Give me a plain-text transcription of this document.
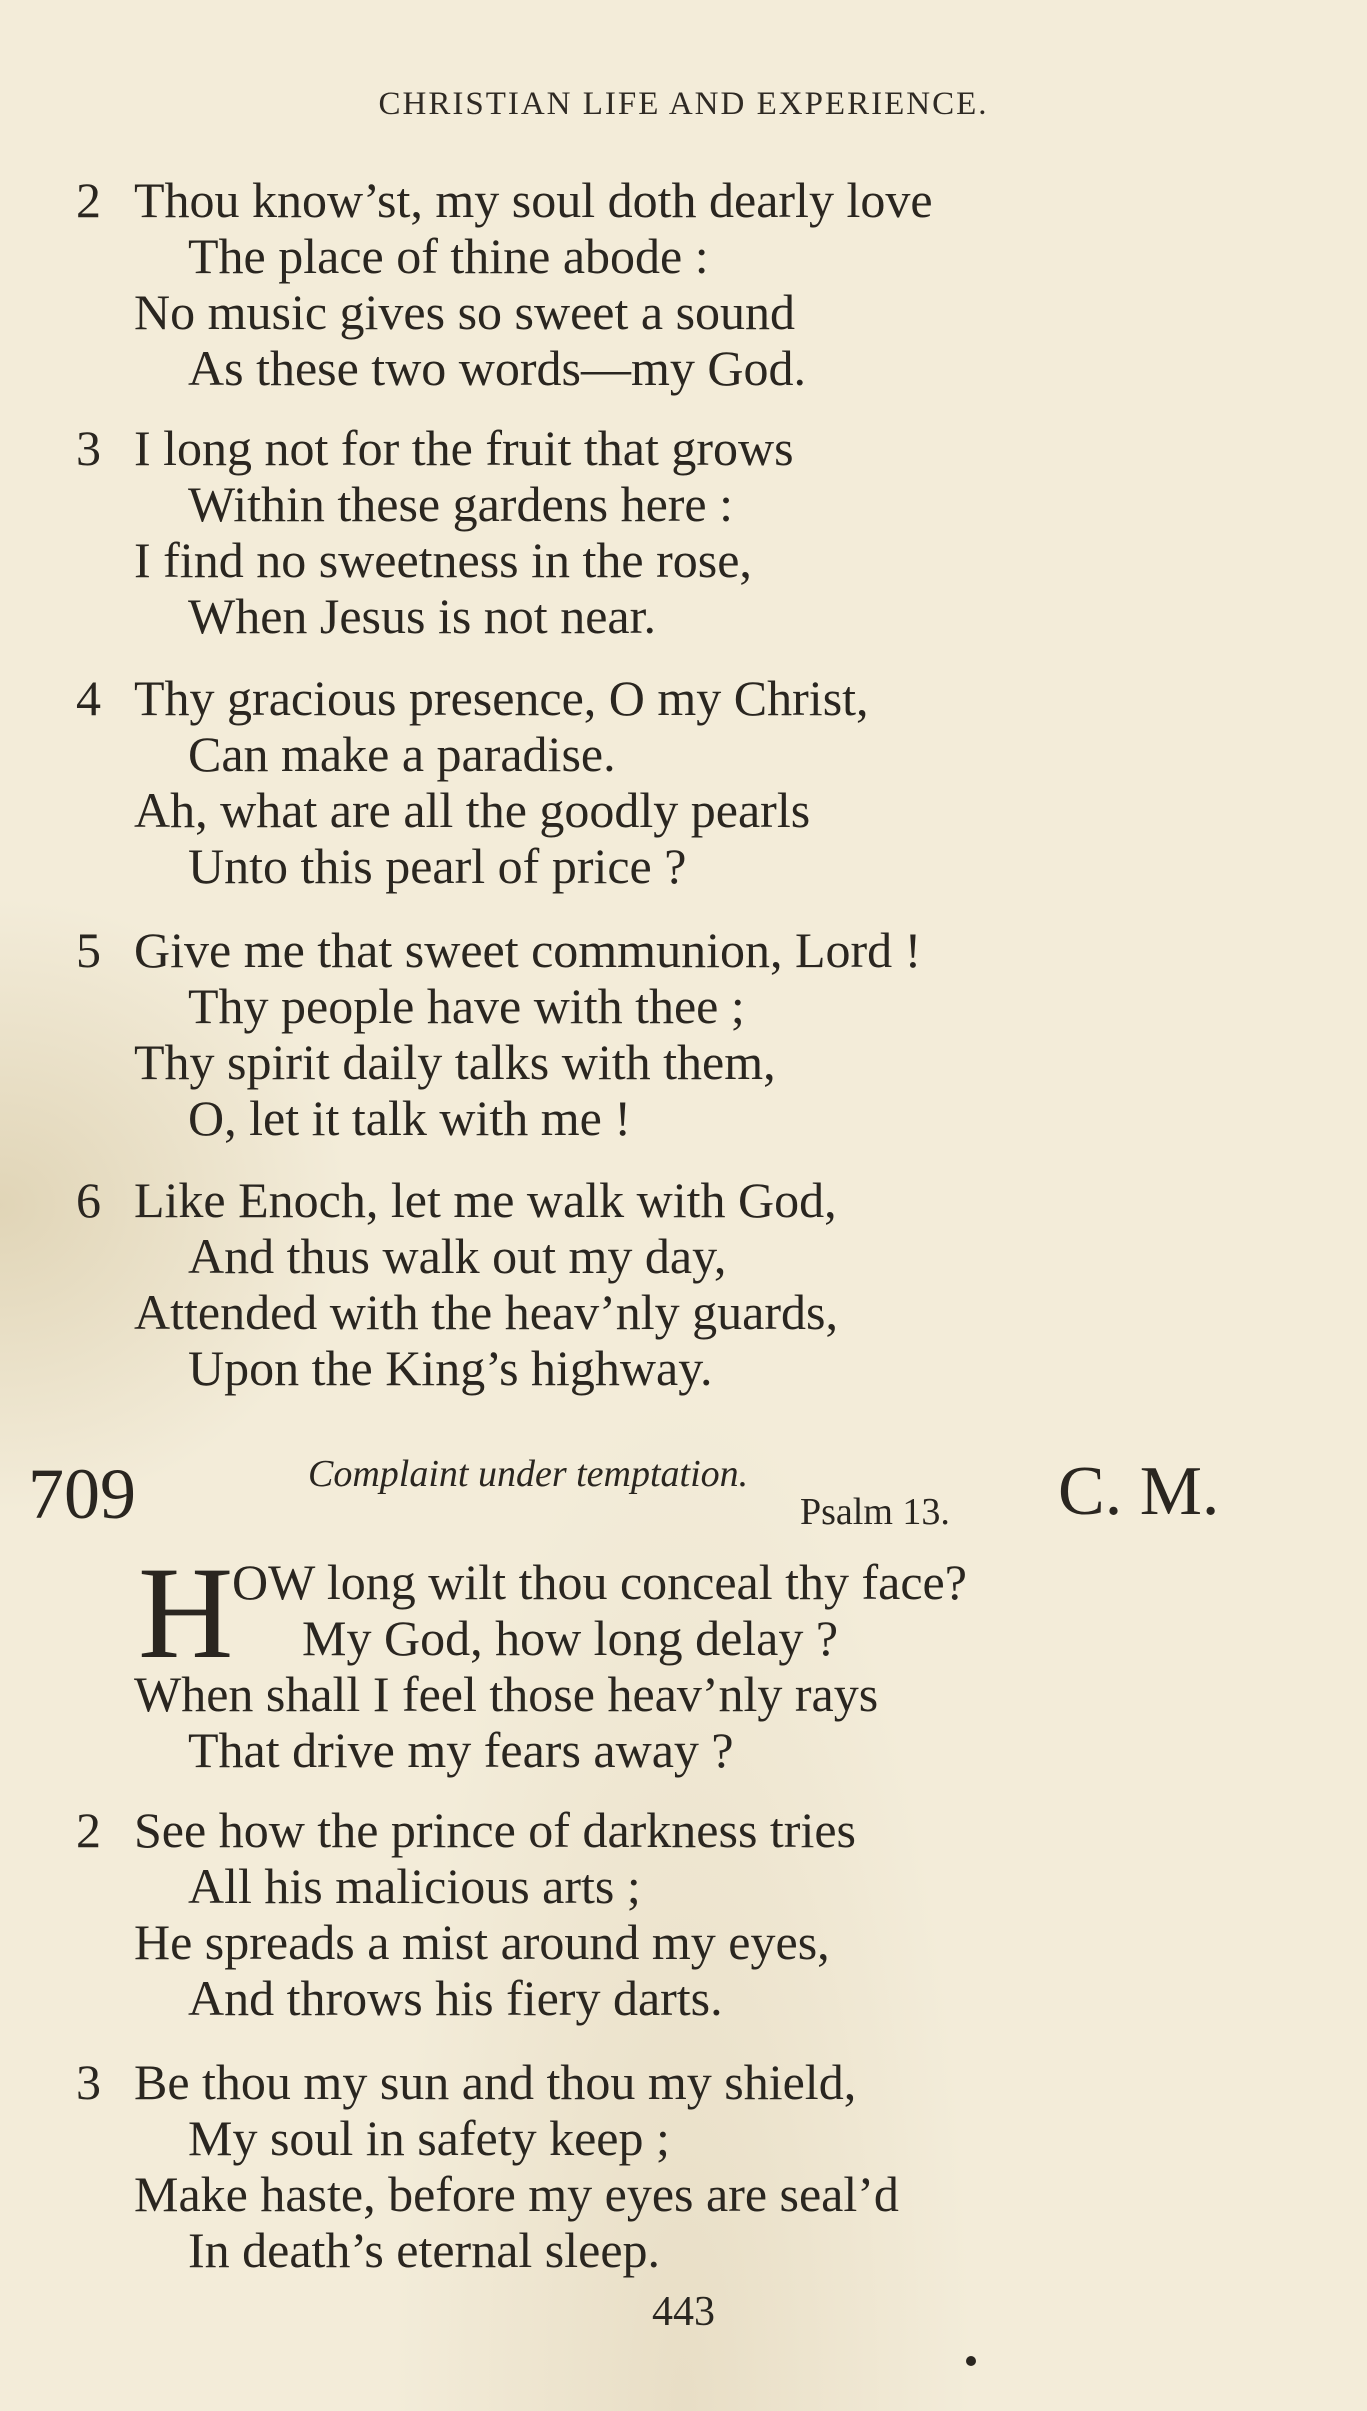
CHRISTIAN LIFE AND EXPERIENCE.
2 Thou know’st, my soul doth dearly love
The place of thine abode :
No music gives so sweet a sound
As these two words—my God.
3 I long not for the fruit that grows
Within these gardens here :
I find no sweetness in the rose,
When Jesus is not near.
4 Thy gracious presence, O my Christ,
Can make a paradise.
Ah, what are all the goodly pearls
Unto this pearl of price ?
5 Give me that sweet communion, Lord !
Thy people have with thee ;
Thy spirit daily talks with them,
O, let it talk with me !
6 Like Enoch, let me walk with God,
And thus walk out my day,
Attended with the heav’nly guards,
Upon the King’s highway.
709	Complaint under temptation.
Psalm 13. C. M.
H
OW long wilt thou conceal thy face?
My God, how long delay ?
When shall I feel those heav’nly rays
That drive my fears away ?
2 See how the prince of darkness tries
All his malicious arts ;
He spreads a mist around my eyes,
And throws his fiery darts.
3 Be thou my sun and thou my shield,
My soul in safety keep ;
Make haste, before my eyes are seal’d
In death’s eternal sleep.
443
